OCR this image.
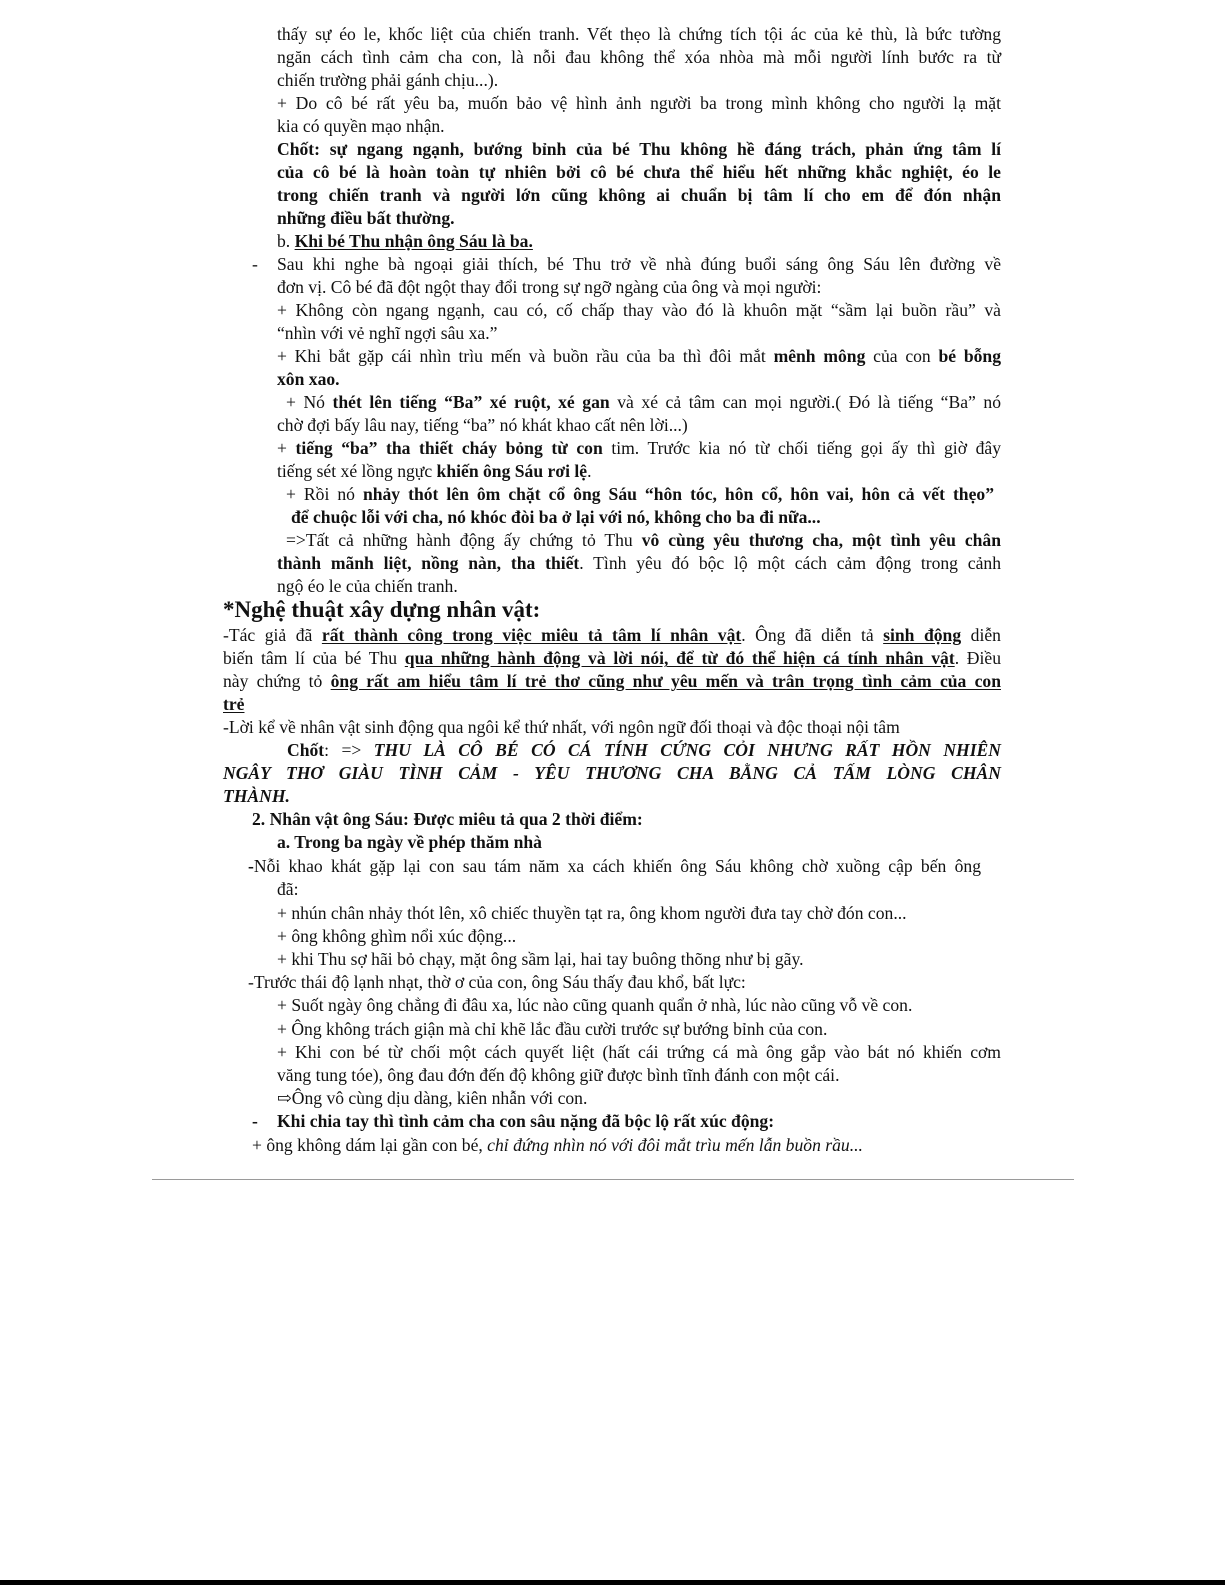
thấy sự éo le, khốc liệt của chiến tranh. Vết thẹo là chứng tích tội ác của kẻ thù, là bức tường
ngăn cách tình cảm cha con, là nỗi đau không thể xóa nhòa mà mỗi người lính bước ra từ
chiến trường phải gánh chịu...).
+ Do cô bé rất yêu ba, muốn bảo vệ hình ảnh người ba trong mình không cho người lạ mặt
kia có quyền mạo nhận.
Chốt: sự ngang ngạnh, bướng bỉnh của bé Thu không hề đáng trách, phản ứng tâm lí
của cô bé là hoàn toàn tự nhiên bởi cô bé chưa thể hiểu hết những khắc nghiệt, éo le
trong chiến tranh và người lớn cũng không ai chuẩn bị tâm lí cho em để đón nhận
những điều bất thường.
b. Khi bé Thu nhận ông Sáu là ba.
- Sau khi nghe bà ngoại giải thích, bé Thu trở về nhà đúng buổi sáng ông Sáu lên đường về
đơn vị. Cô bé đã đột ngột thay đổi trong sự ngỡ ngàng của ông và mọi người:
+ Không còn ngang ngạnh, cau có, cố chấp thay vào đó là khuôn mặt “sầm lại buồn rầu” và
“nhìn với vẻ nghĩ ngợi sâu xa.”
+ Khi bắt gặp cái nhìn trìu mến và buồn rầu của ba thì đôi mắt mênh mông của con bé bỗng
xôn xao.
+ Nó thét lên tiếng “Ba” xé ruột, xé gan và xé cả tâm can mọi người.( Đó là tiếng “Ba” nó
chờ đợi bấy lâu nay, tiếng “ba” nó khát khao cất nên lời...)
+ tiếng “ba” tha thiết cháy bỏng từ con tim. Trước kia nó từ chối tiếng gọi ấy thì giờ đây
tiếng sét xé lồng ngực khiến ông Sáu rơi lệ.
+ Rồi nó nhảy thót lên ôm chặt cổ ông Sáu “hôn tóc, hôn cổ, hôn vai, hôn cả vết thẹo”
để chuộc lỗi với cha, nó khóc đòi ba ở lại với nó, không cho ba đi nữa...
=>Tất cả những hành động ấy chứng tỏ Thu vô cùng yêu thương cha, một tình yêu chân
thành mãnh liệt, nồng nàn, tha thiết. Tình yêu đó bộc lộ một cách cảm động trong cảnh
ngộ éo le của chiến tranh.
*Nghệ thuật xây dựng nhân vật:
-Tác giả đã rất thành công trong việc miêu tả tâm lí nhân vật. Ông đã diễn tả sinh động diễn
biến tâm lí của bé Thu qua những hành động và lời nói, để từ đó thể hiện cá tính nhân vật. Điều
này chứng tỏ ông rất am hiểu tâm lí trẻ thơ cũng như yêu mến và trân trọng tình cảm của con
trẻ
-Lời kể về nhân vật sinh động qua ngôi kể thứ nhất, với ngôn ngữ đối thoại và độc thoại nội tâm
Chốt: => THU LÀ CÔ BÉ CÓ CÁ TÍNH CỨNG CỎI NHƯNG RẤT HỒN NHIÊN
NGÂY THƠ GIÀU TÌNH CẢM - YÊU THƯƠNG CHA BẰNG CẢ TẤM LÒNG CHÂN
THÀNH.
2. Nhân vật ông Sáu: Được miêu tả qua 2 thời điểm:
a. Trong ba ngày về phép thăm nhà
-Nỗi khao khát gặp lại con sau tám năm xa cách khiến ông Sáu không chờ xuồng cập bến ông
đã:
+ nhún chân nhảy thót lên, xô chiếc thuyền tạt ra, ông khom người đưa tay chờ đón con...
+ ông không ghìm nổi xúc động...
+ khi Thu sợ hãi bỏ chạy, mặt ông sầm lại, hai tay buông thõng như bị gãy.
-Trước thái độ lạnh nhạt, thờ ơ của con, ông Sáu thấy đau khổ, bất lực:
+ Suốt ngày ông chẳng đi đâu xa, lúc nào cũng quanh quẩn ở nhà, lúc nào cũng vỗ về con.
+ Ông không trách giận mà chỉ khẽ lắc đầu cười trước sự bướng bỉnh của con.
+ Khi con bé từ chối một cách quyết liệt (hất cái trứng cá mà ông gắp vào bát nó khiến cơm
văng tung tóe), ông đau đớn đến độ không giữ được bình tĩnh đánh con một cái.
⇨Ông vô cùng dịu dàng, kiên nhẫn với con.
- Khi chia tay thì tình cảm cha con sâu nặng đã bộc lộ rất xúc động:
+ ông không dám lại gần con bé, chỉ đứng nhìn nó với đôi mắt trìu mến lẫn buồn rầu...
